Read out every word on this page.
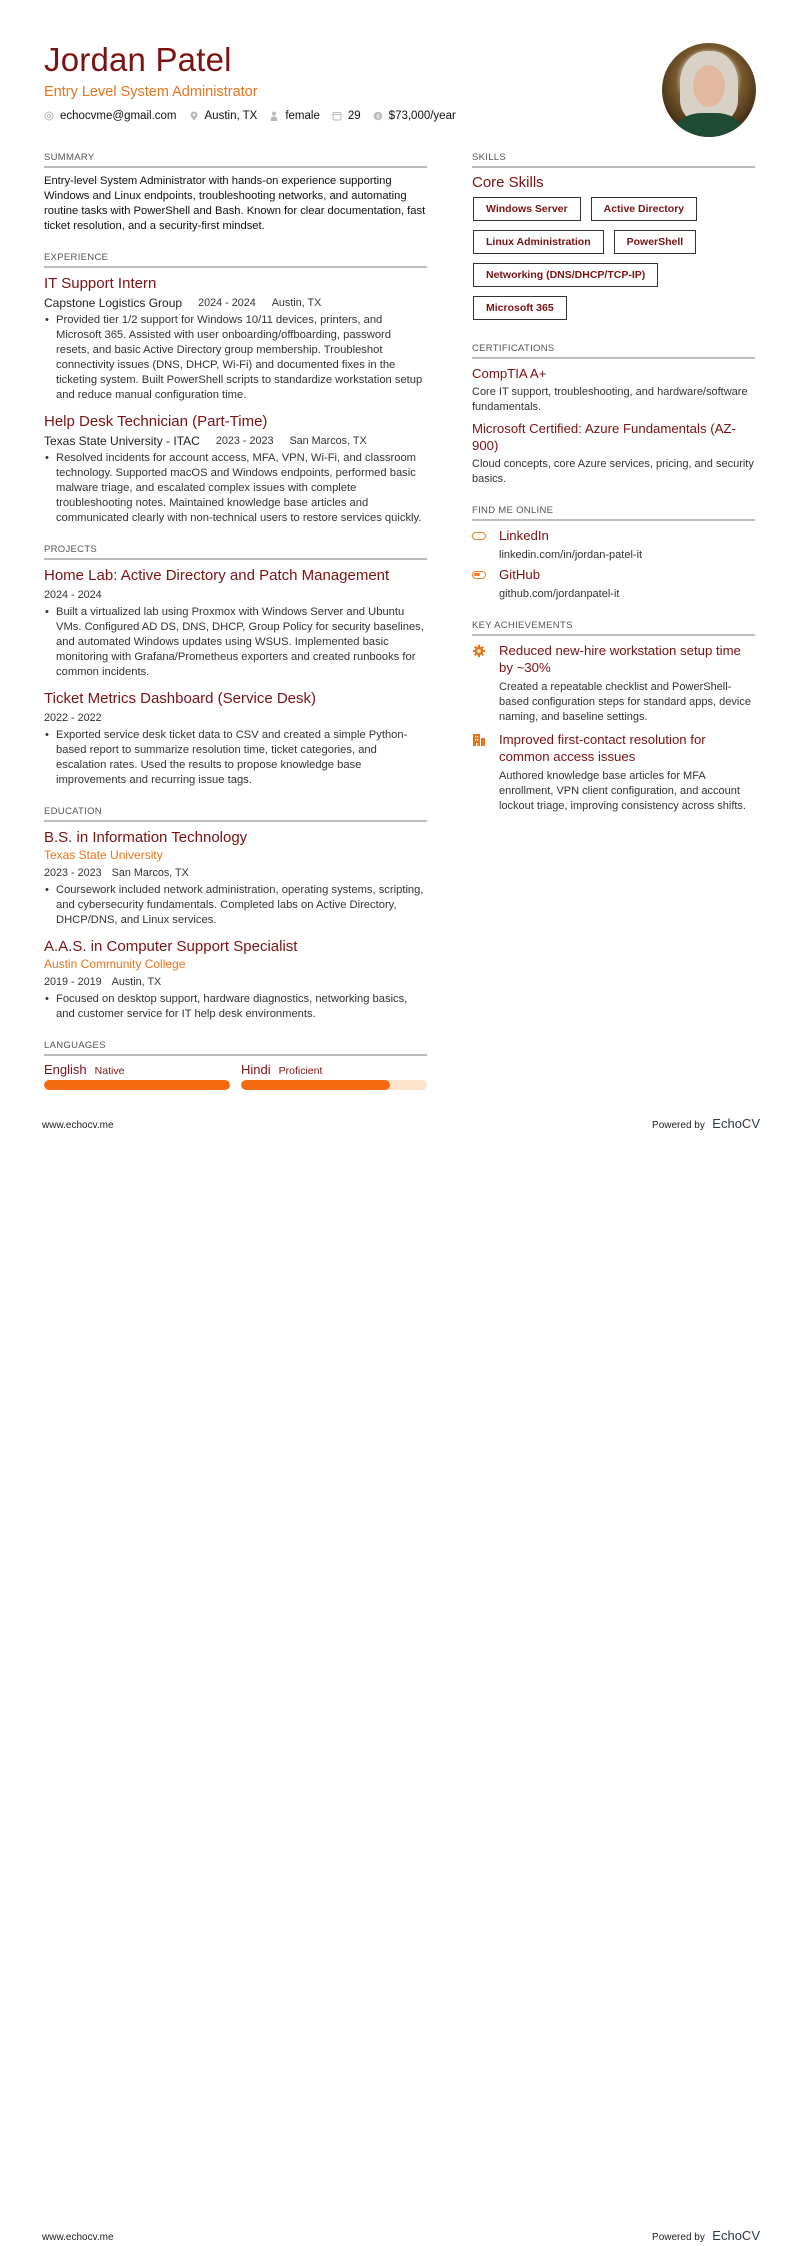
Jordan Patel
Entry Level System Administrator
echocvme@gmail.com Austin, TX female 29	$ $73,000/year
SUMMARY
Entry-level System Administrator with hands-on experience supporting Windows and Linux endpoints, troubleshooting networks, and automating routine tasks with PowerShell and Bash. Known for clear documentation, fast ticket resolution, and a security-first mindset.
EXPERIENCE
IT Support Intern
Capstone Logistics Group 2024 - 2024 Austin, TX
• Provided tier 1/2 support for Windows 10/11 devices, printers, and Microsoft 365. Assisted with user onboarding/offboarding, password resets, and basic Active Directory group membership. Troubleshot connectivity issues (DNS, DHCP, Wi-Fi) and documented fixes in the ticketing system. Built PowerShell scripts to standardize workstation setup and reduce manual configuration time.
Help Desk Technician (Part-Time)
Texas State University - ITAC 2023 - 2023 San Marcos, TX
• Resolved incidents for account access, MFA, VPN, Wi-Fi, and classroom technology. Supported macOS and Windows endpoints, performed basic malware triage, and escalated complex issues with complete troubleshooting notes. Maintained knowledge base articles and communicated clearly with non-technical users to restore services quickly.
PROJECTS
Home Lab: Active Directory and Patch Management
2024 - 2024
• Built a virtualized lab using Proxmox with Windows Server and Ubuntu VMs. Configured AD DS, DNS, DHCP, Group Policy for security baselines, and automated Windows updates using WSUS. Implemented basic monitoring with Grafana/Prometheus exporters and created runbooks for common incidents.
Ticket Metrics Dashboard (Service Desk)
2022 - 2022
• Exported service desk ticket data to CSV and created a simple Python-based report to summarize resolution time, ticket categories, and escalation rates. Used the results to propose knowledge base improvements and recurring issue tags.
EDUCATION
B.S. in Information Technology
Texas State University
2023 - 2023 San Marcos, TX
• Coursework included network administration, operating systems, scripting, and cybersecurity fundamentals. Completed labs on Active Directory, DHCP/DNS, and Linux services.
A.A.S. in Computer Support Specialist
Austin Community College
2019 - 2019 Austin, TX
• Focused on desktop support, hardware diagnostics, networking basics, and customer service for IT help desk environments.
LANGUAGES
English Native	Hindi Proficient
SKILLS
Core Skills
Windows Server	Active Directory
Linux Administration	PowerShell
Networking (DNS/DHCP/TCP-IP)
Microsoft 365
CERTIFICATIONS
CompTIA A+
Core IT support, troubleshooting, and hardware/software fundamentals.
Microsoft Certified: Azure Fundamentals (AZ-900)
Cloud concepts, core Azure services, pricing, and security basics.
FIND ME ONLINE
LinkedIn
linkedin.com/in/jordan-patel-it
GitHub
github.com/jordanpatel-it
KEY ACHIEVEMENTS
Reduced new-hire workstation setup time by ~30%
Created a repeatable checklist and PowerShell-based configuration steps for standard apps, device naming, and baseline settings.
Improved first-contact resolution for common access issues
Authored knowledge base articles for MFA enrollment, VPN client configuration, and account lockout triage, improving consistency across shifts.
www.echocv.me	Powered by EchoCV
www.echocv.me	Powered by EchoCV
